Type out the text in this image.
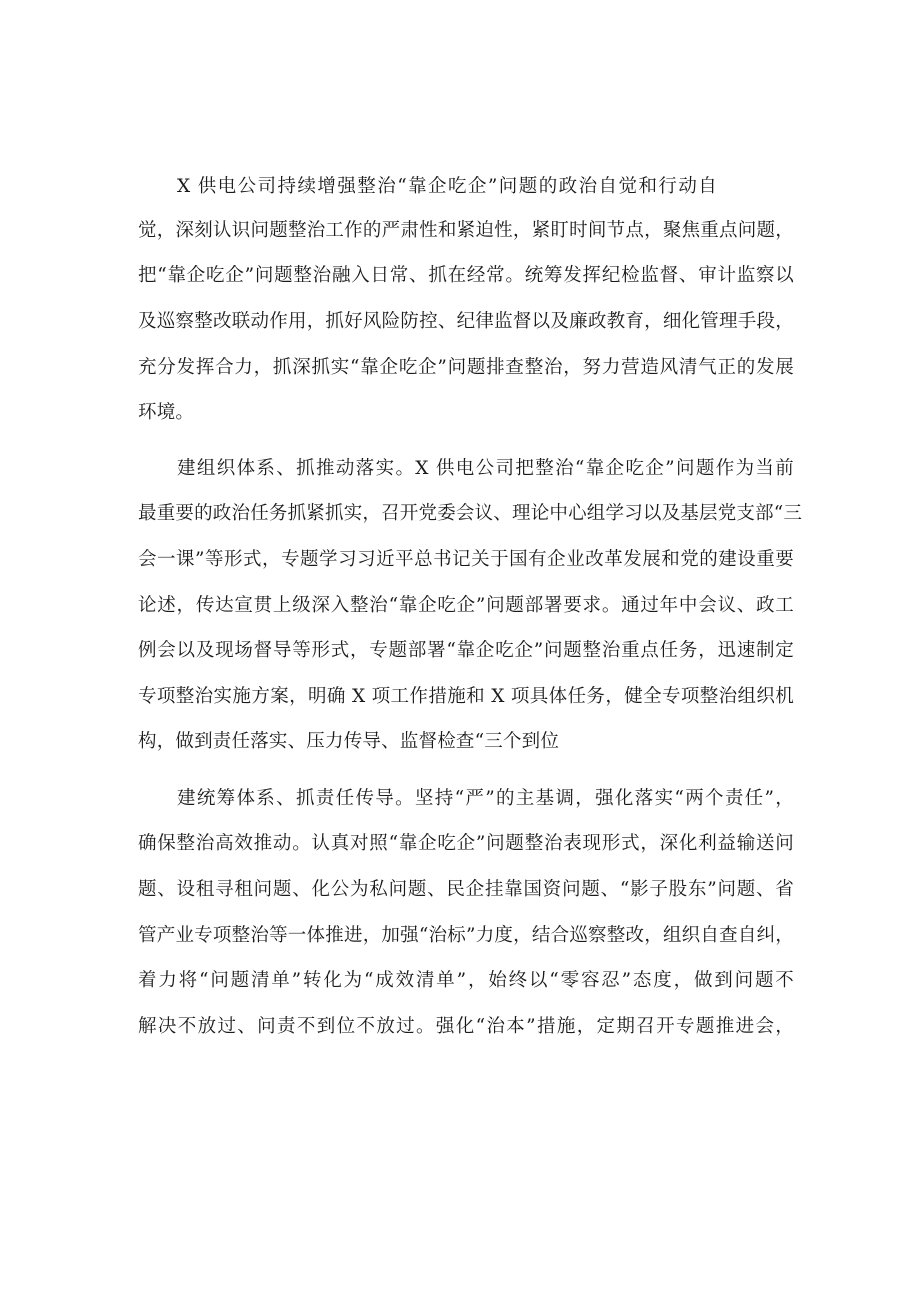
X 供电公司持续增强整治“靠企吃企”问题的政治自觉和行动自
觉，深刻认识问题整治工作的严肃性和紧迫性，紧盯时间节点，聚焦重点问题，
把“靠企吃企”问题整治融入日常、抓在经常。统筹发挥纪检监督、审计监察以
及巡察整改联动作用，抓好风险防控、纪律监督以及廉政教育，细化管理手段，
充分发挥合力，抓深抓实“靠企吃企”问题排查整治，努力营造风清气正的发展
环境。
建组织体系、抓推动落实。X 供电公司把整治“靠企吃企”问题作为当前
最重要的政治任务抓紧抓实，召开党委会议、理论中心组学习以及基层党支部“三
会一课”等形式，专题学习习近平总书记关于国有企业改革发展和党的建设重要
论述，传达宣贯上级深入整治“靠企吃企”问题部署要求。通过年中会议、政工
例会以及现场督导等形式，专题部署“靠企吃企”问题整治重点任务，迅速制定
专项整治实施方案，明确 X 项工作措施和 X 项具体任务，健全专项整治组织机
构，做到责任落实、压力传导、监督检查“三个到位
建统筹体系、抓责任传导。坚持“严”的主基调，强化落实“两个责任”，
确保整治高效推动。认真对照“靠企吃企”问题整治表现形式，深化利益输送问
题、设租寻租问题、化公为私问题、民企挂靠国资问题、“影子股东”问题、省
管产业专项整治等一体推进，加强“治标”力度，结合巡察整改，组织自查自纠，
着力将“问题清单”转化为“成效清单”，始终以“零容忍”态度，做到问题不
解决不放过、问责不到位不放过。强化“治本”措施，定期召开专题推进会，
